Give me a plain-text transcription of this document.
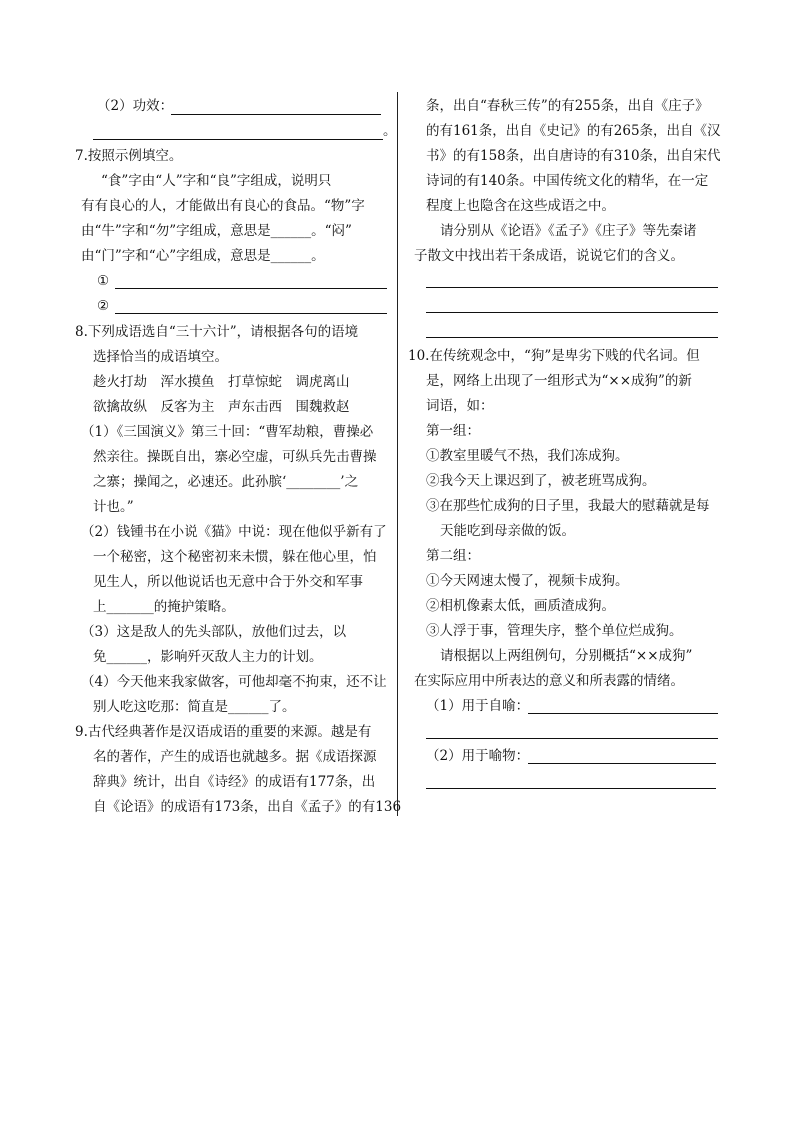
（2）功效：
。
7.按照示例填空。
“食”字由“人”字和“良”字组成，说明只
有有良心的人，才能做出有良心的食品。“物”字
由“牛”字和“勿”字组成，意思是______。“闷”
由“门”字和“心”字组成，意思是______。
①
②
8.下列成语选自“三十六计”，请根据各句的语境
选择恰当的成语填空。
趁火打劫　浑水摸鱼　打草惊蛇　调虎离山
欲擒故纵　反客为主　声东击西　围魏救赵
（1）《三国演义》第三十回：“曹军劫粮，曹操必
然亲往。操既自出，寨必空虚，可纵兵先击曹操
之寨；操闻之，必速还。此孙膑‘________’之
计也。”
（2）钱锺书在小说《猫》中说：现在他似乎新有了
一个秘密，这个秘密初来未惯，躲在他心里，怕
见生人，所以他说话也无意中合于外交和军事
上_______的掩护策略。
（3）这是敌人的先头部队，放他们过去，以
免______，影响歼灭敌人主力的计划。
（4）今天他来我家做客，可他却毫不拘束，还不让
别人吃这吃那：简直是______了。
9.古代经典著作是汉语成语的重要的来源。越是有
名的著作，产生的成语也就越多。据《成语探源
辞典》统计，出自《诗经》的成语有177条，出
自《论语》的成语有173条，出自《孟子》的有136
条，出自“春秋三传”的有255条，出自《庄子》
的有161条，出自《史记》的有265条，出自《汉
书》的有158条，出自唐诗的有310条，出自宋代
诗词的有140条。中国传统文化的精华，在一定
程度上也隐含在这些成语之中。
请分别从《论语》《孟子》《庄子》等先秦诸
子散文中找出若干条成语，说说它们的含义。
10.在传统观念中，“狗”是卑劣下贱的代名词。但
是，网络上出现了一组形式为“××成狗”的新
词语，如：
第一组：
①教室里暖气不热，我们冻成狗。
②我今天上课迟到了，被老班骂成狗。
③在那些忙成狗的日子里，我最大的慰藉就是每
天能吃到母亲做的饭。
第二组：
①今天网速太慢了，视频卡成狗。
②相机像素太低，画质渣成狗。
③人浮于事，管理失序，整个单位烂成狗。
请根据以上两组例句，分别概括“××成狗”
在实际应用中所表达的意义和所表露的情绪。
（1）用于自喻：
（2）用于喻物：
